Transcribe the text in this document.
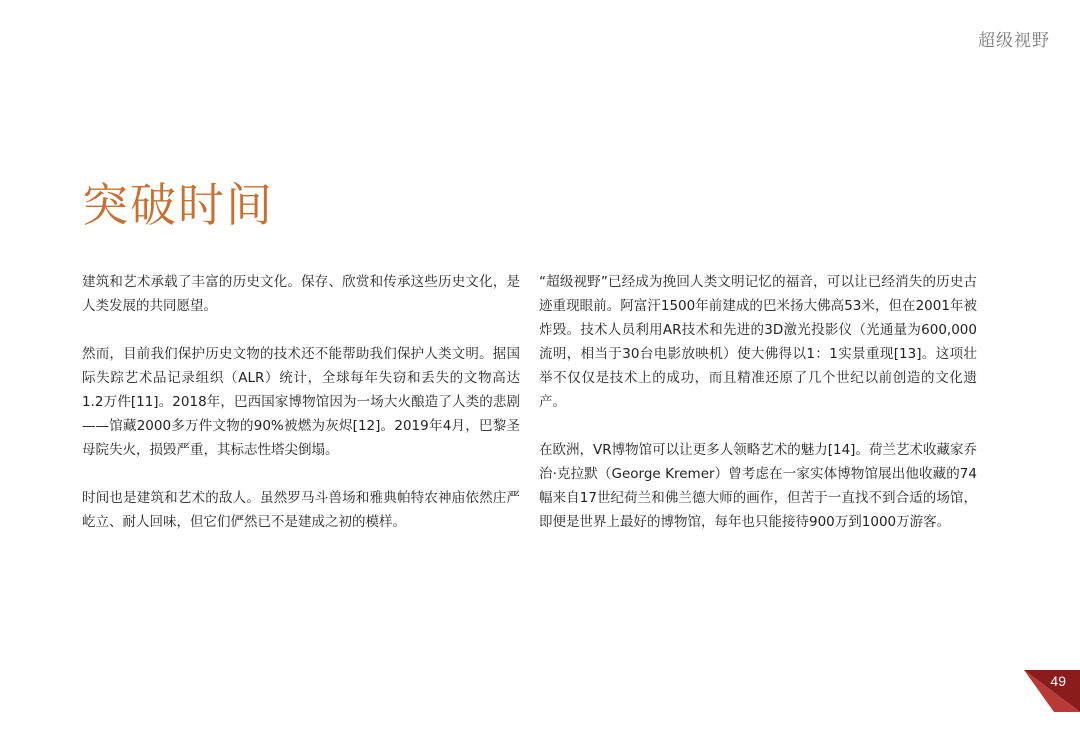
超级视野
突破时间

建筑和艺术承载了丰富的历史文化。保存、欣赏和传承这些历史文化，是人类发展的共同愿望。

然而，目前我们保护历史文物的技术还不能帮助我们保护人类文明。据国际失踪艺术品记录组织（ALR）统计，全球每年失窃和丢失的文物高达1.2万件[11]。2018年，巴西国家博物馆因为一场大火酿造了人类的悲剧——馆藏2000多万件文物的90%被燃为灰烬[12]。2019年4月，巴黎圣母院失火，损毁严重，其标志性塔尖倒塌。

时间也是建筑和艺术的敌人。虽然罗马斗兽场和雅典帕特农神庙依然庄严屹立、耐人回味，但它们俨然已不是建成之初的模样。

“超级视野”已经成为挽回人类文明记忆的福音，可以让已经消失的历史古迹重现眼前。阿富汗1500年前建成的巴米扬大佛高53米，但在2001年被炸毁。技术人员利用AR技术和先进的3D激光投影仪（光通量为600,000流明，相当于30台电影放映机）使大佛得以1：1实景重现[13]。这项壮举不仅仅是技术上的成功，而且精准还原了几个世纪以前创造的文化遗产。

在欧洲，VR博物馆可以让更多人领略艺术的魅力[14]。荷兰艺术收藏家乔治·克拉默（George Kremer）曾考虑在一家实体博物馆展出他收藏的74幅来自17世纪荷兰和佛兰德大师的画作，但苦于一直找不到合适的场馆，即便是世界上最好的博物馆，每年也只能接待900万到1000万游客。

49
